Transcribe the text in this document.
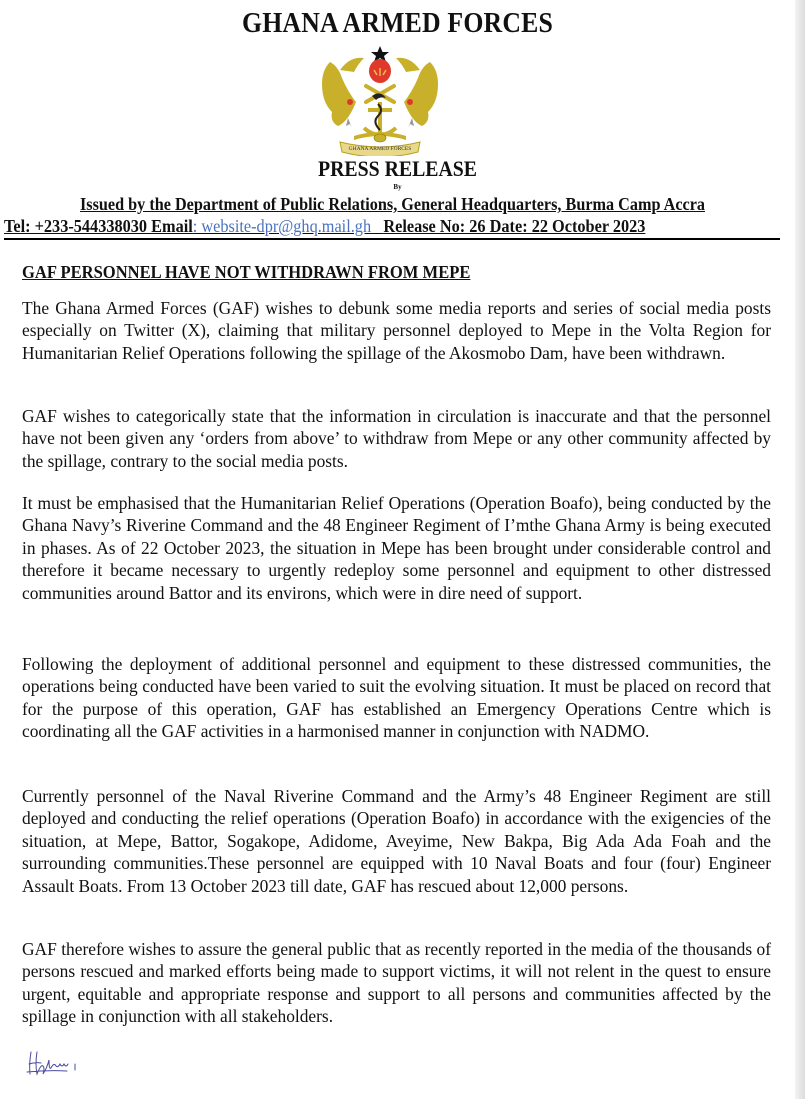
GHANA ARMED FORCES
GHANA ARMED FORCES
PRESS RELEASE
By
Issued by the Department of Public Relations, General Headquarters, Burma Camp Accra
Tel: +233-544338030 Email: website-dpr@ghq.mail.gh Release No: 26 Date: 22 October 2023
GAF PERSONNEL HAVE NOT WITHDRAWN FROM MEPE

The Ghana Armed Forces (GAF) wishes to debunk some media reports and series of social media posts especially on Twitter (X), claiming that military personnel deployed to Mepe in the Volta Region for Humanitarian Relief Operations following the spillage of the Akosmobo Dam, have been withdrawn.

GAF wishes to categorically state that the information in circulation is inaccurate and that the personnel have not been given any ‘orders from above’ to withdraw from Mepe or any other community affected by the spillage, contrary to the social media posts.

It must be emphasised that the Humanitarian Relief Operations (Operation Boafo), being conducted by the Ghana Navy’s Riverine Command and the 48 Engineer Regiment of I’mthe Ghana Army is being executed in phases. As of 22 October 2023, the situation in Mepe has been brought under considerable control and therefore it became necessary to urgently redeploy some personnel and equipment to other distressed communities around Battor and its environs, which were in dire need of support.

Following the deployment of additional personnel and equipment to these distressed communities, the operations being conducted have been varied to suit the evolving situation. It must be placed on record that for the purpose of this operation, GAF has established an Emergency Operations Centre which is coordinating all the GAF activities in a harmonised manner in conjunction with NADMO.

Currently personnel of the Naval Riverine Command and the Army’s 48 Engineer Regiment are still deployed and conducting the relief operations (Operation Boafo) in accordance with the exigencies of the situation, at Mepe, Battor, Sogakope, Adidome, Aveyime, New Bakpa, Big Ada Ada Foah and the surrounding communities.These personnel are equipped with 10 Naval Boats and four (four) Engineer Assault Boats. From 13 October 2023 till date, GAF has rescued about 12,000 persons.

GAF therefore wishes to assure the general public that as recently reported in the media of the thousands of persons rescued and marked efforts being made to support victims, it will not relent in the quest to ensure urgent, equitable and appropriate response and support to all persons and communities affected by the spillage in conjunction with all stakeholders.
